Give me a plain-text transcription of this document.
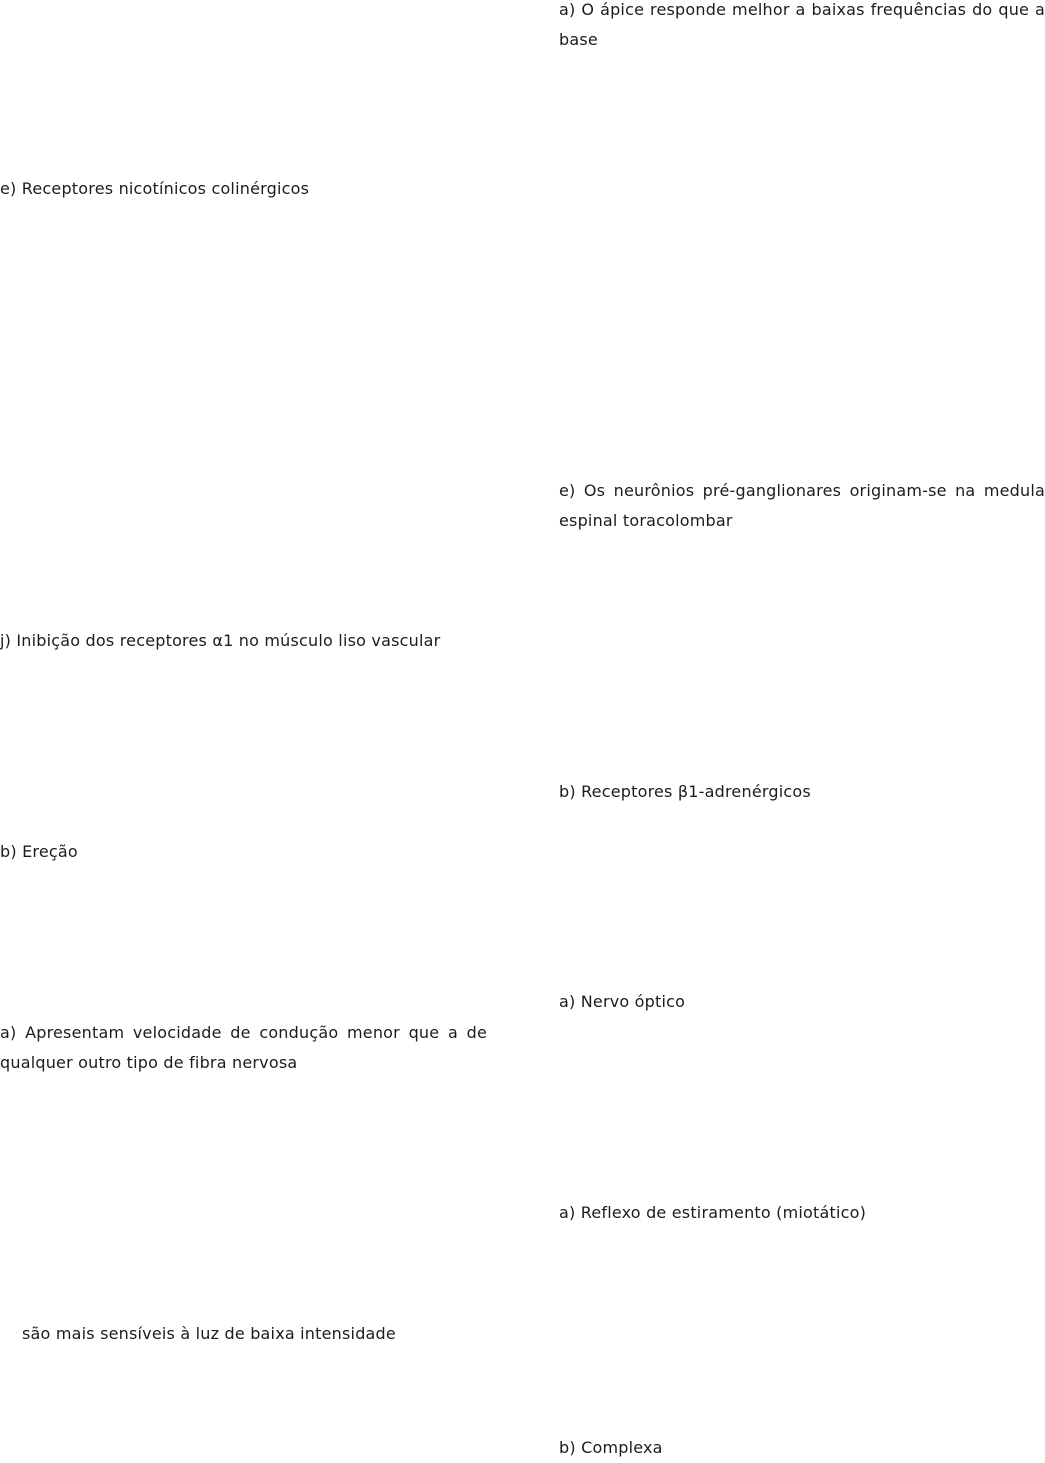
a) O ápice responde melhor a baixas frequências do que a base

e) Receptores nicotínicos colinérgicos

e) Os neurônios pré-ganglionares originam-se na medula espinal toracolombar

j) Inibição dos receptores α1 no músculo liso vascular

b) Receptores β1-adrenérgicos

b) Ereção

a) Nervo óptico

a) Apresentam velocidade de condução menor que a de qualquer outro tipo de fibra nervosa

a) Reflexo de estiramento (miotático)

são mais sensíveis à luz de baixa intensidade

b) Complexa
